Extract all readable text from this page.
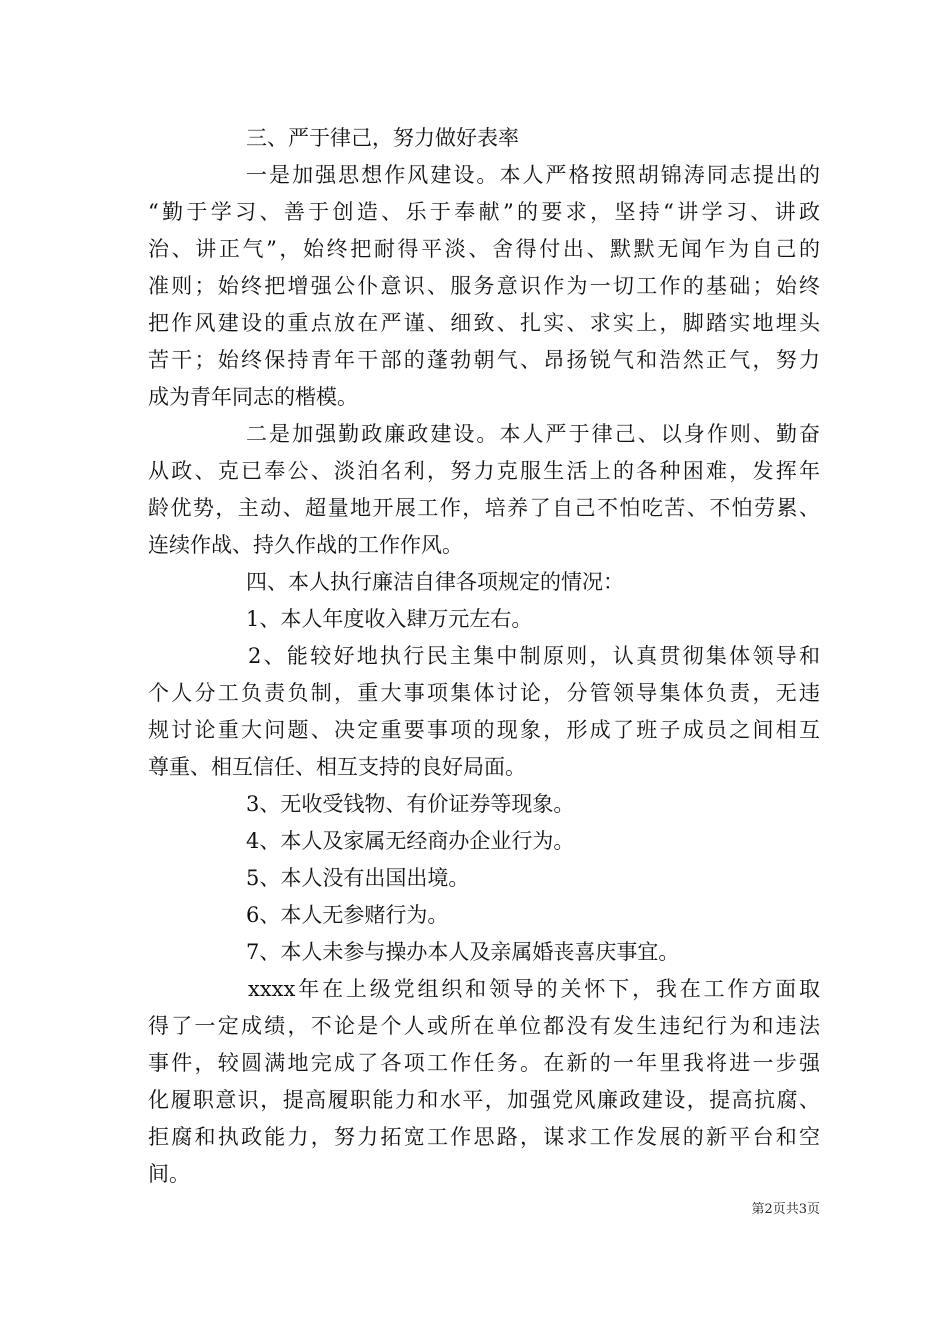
三、严于律己，努力做好表率
一是加强思想作风建设。本人严格按照胡锦涛同志提出的
“勤于学习、善于创造、乐于奉献”的要求，坚持“讲学习、讲政
治、讲正气”，始终把耐得平淡、舍得付出、默默无闻乍为自己的
准则；始终把增强公仆意识、服务意识作为一切工作的基础；始终
把作风建设的重点放在严谨、细致、扎实、求实上，脚踏实地埋头
苦干；始终保持青年干部的蓬勃朝气、昂扬锐气和浩然正气，努力
成为青年同志的楷模。
二是加强勤政廉政建设。本人严于律己、以身作则、勤奋
从政、克已奉公、淡泊名利，努力克服生活上的各种困难，发挥年
龄优势，主动、超量地开展工作，培养了自己不怕吃苦、不怕劳累、
连续作战、持久作战的工作作风。
四、本人执行廉洁自律各项规定的情况：
1、本人年度收入肆万元左右。
2、能较好地执行民主集中制原则，认真贯彻集体领导和
个人分工负责负制，重大事项集体讨论，分管领导集体负责，无违
规讨论重大问题、决定重要事项的现象，形成了班子成员之间相互
尊重、相互信任、相互支持的良好局面。
3、无收受钱物、有价证券等现象。
4、本人及家属无经商办企业行为。
5、本人没有出国出境。
6、本人无参赌行为。
7、本人未参与操办本人及亲属婚丧喜庆事宜。
xxxx年在上级党组织和领导的关怀下，我在工作方面取
得了一定成绩，不论是个人或所在单位都没有发生违纪行为和违法
事件，较圆满地完成了各项工作任务。在新的一年里我将进一步强
化履职意识，提高履职能力和水平，加强党风廉政建设，提高抗腐、
拒腐和执政能力，努力拓宽工作思路，谋求工作发展的新平台和空
间。
第2页共3页
